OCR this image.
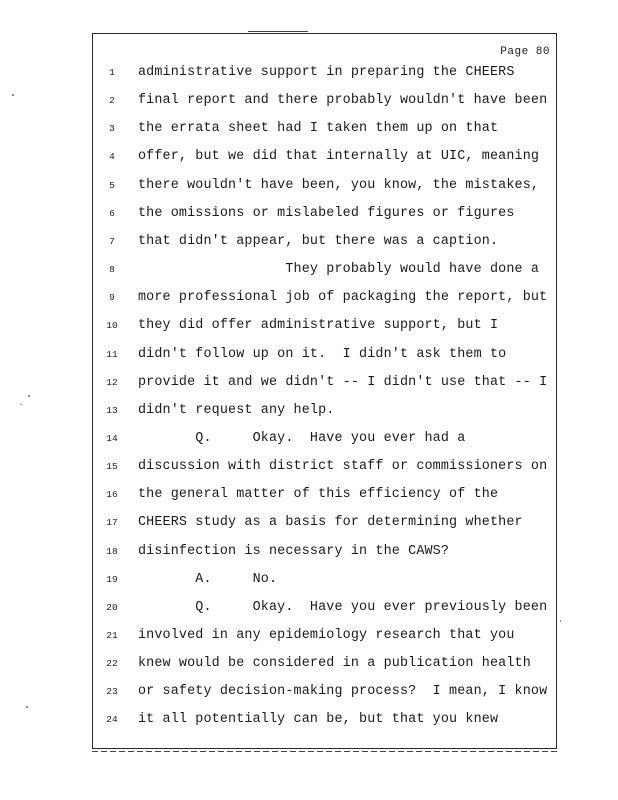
Page 80
1	administrative support in preparing the CHEERS
2	final report and there probably wouldn't have been
3	the errata sheet had I taken them up on that
4	offer, but we did that internally at UIC, meaning
5	there wouldn't have been, you know, the mistakes,
6	the omissions or mislabeled figures or figures
7	that didn't appear, but there was a caption.
8	They probably would have done a
9	more professional job of packaging the report, but
10	they did offer administrative support, but I
11	didn't follow up on it.  I didn't ask them to
12	provide it and we didn't -- I didn't use that -- I
13	didn't request any help.
14	Q.     Okay.  Have you ever had a
15	discussion with district staff or commissioners on
16	the general matter of this efficiency of the
17	CHEERS study as a basis for determining whether
18	disinfection is necessary in the CAWS?
19	A.     No.
20	Q.     Okay.  Have you ever previously been
21	involved in any epidemiology research that you
22	knew would be considered in a publication health
23	or safety decision-making process?  I mean, I know
24	it all potentially can be, but that you knew
